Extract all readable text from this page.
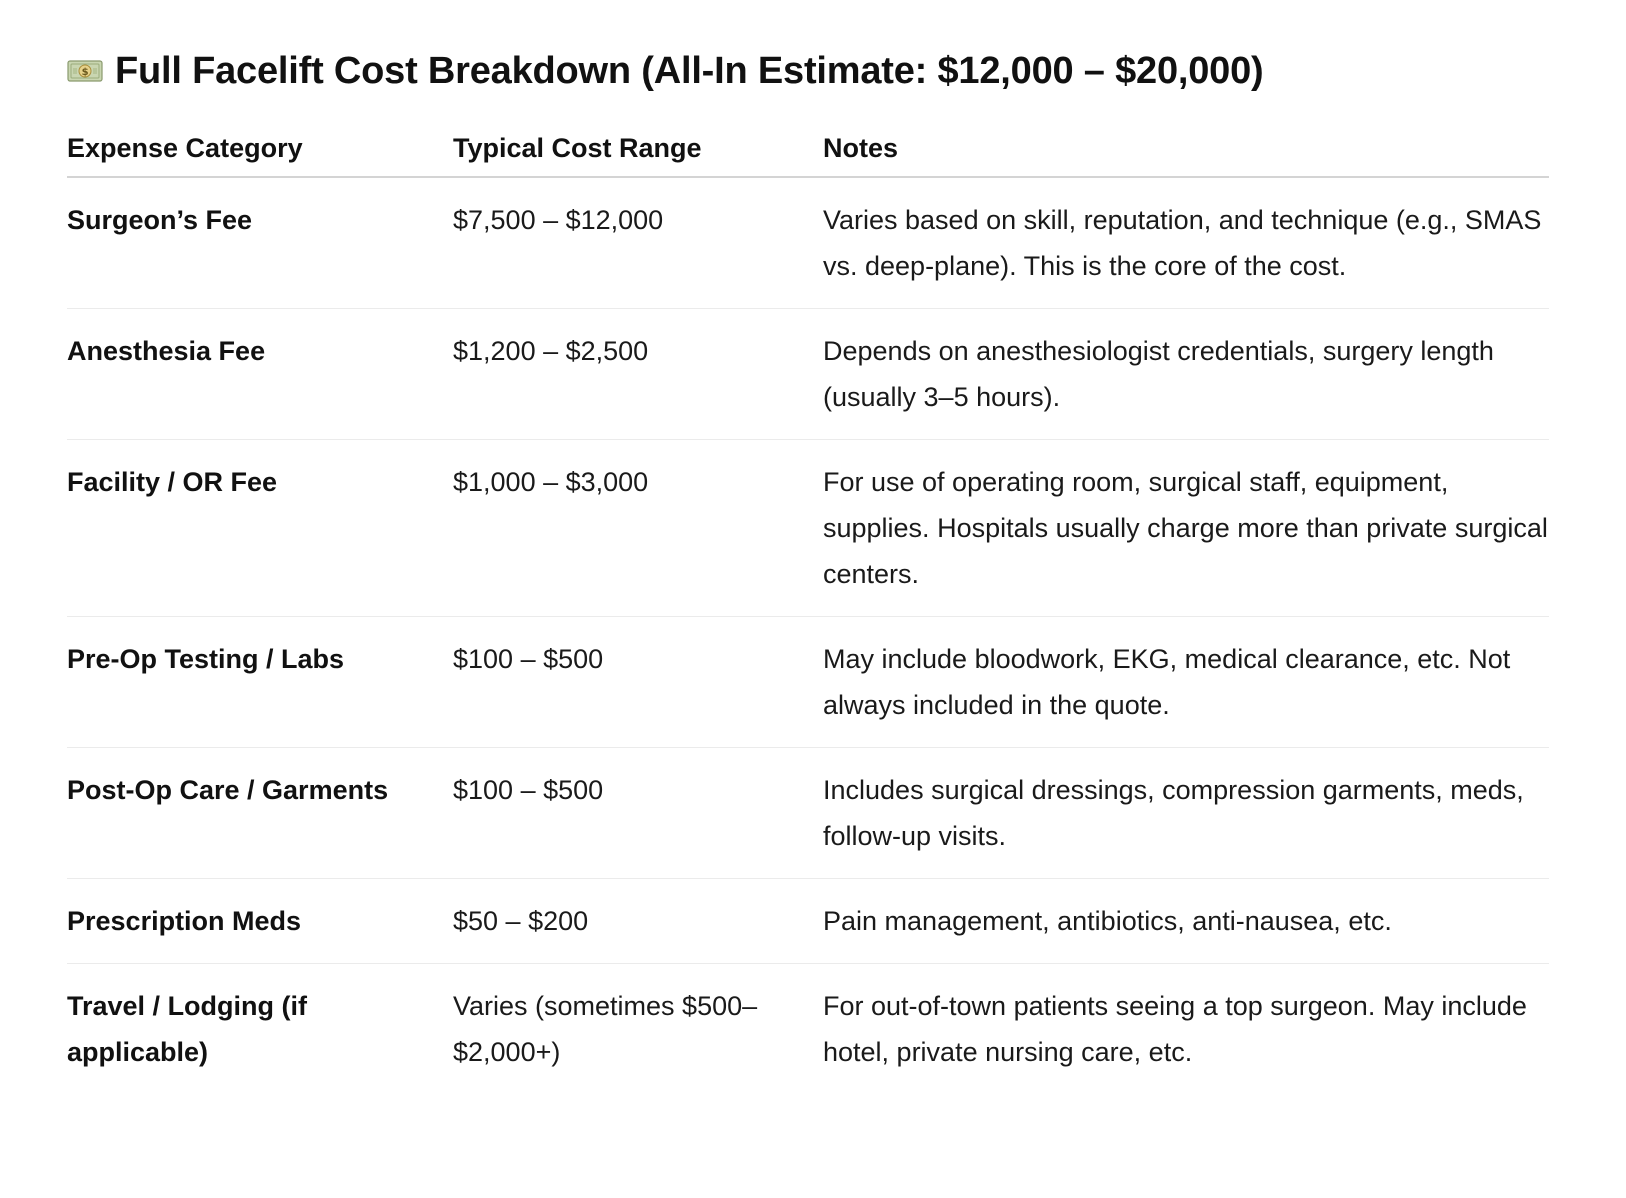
$ Full Facelift Cost Breakdown (All-In Estimate: $12,000 – $20,000)
Expense Category	Typical Cost Range	Notes
Surgeon’s Fee	$7,500 – $12,000	Varies based on skill, reputation, and technique (e.g., SMAS vs. deep-plane). This is the core of the cost.
Anesthesia Fee	$1,200 – $2,500	Depends on anesthesiologist credentials, surgery length (usually 3–5 hours).
Facility / OR Fee	$1,000 – $3,000	For use of operating room, surgical staff, equipment, supplies. Hospitals usually charge more than private surgical centers.
Pre-Op Testing / Labs	$100 – $500	May include bloodwork, EKG, medical clearance, etc. Not always included in the quote.
Post-Op Care / Garments	$100 – $500	Includes surgical dressings, compression garments, meds, follow-up visits.
Prescription Meds	$50 – $200	Pain management, antibiotics, anti-nausea, etc.
Travel / Lodging (if applicable)	Varies (sometimes $500–$2,000+)	For out-of-town patients seeing a top surgeon. May include hotel, private nursing care, etc.
